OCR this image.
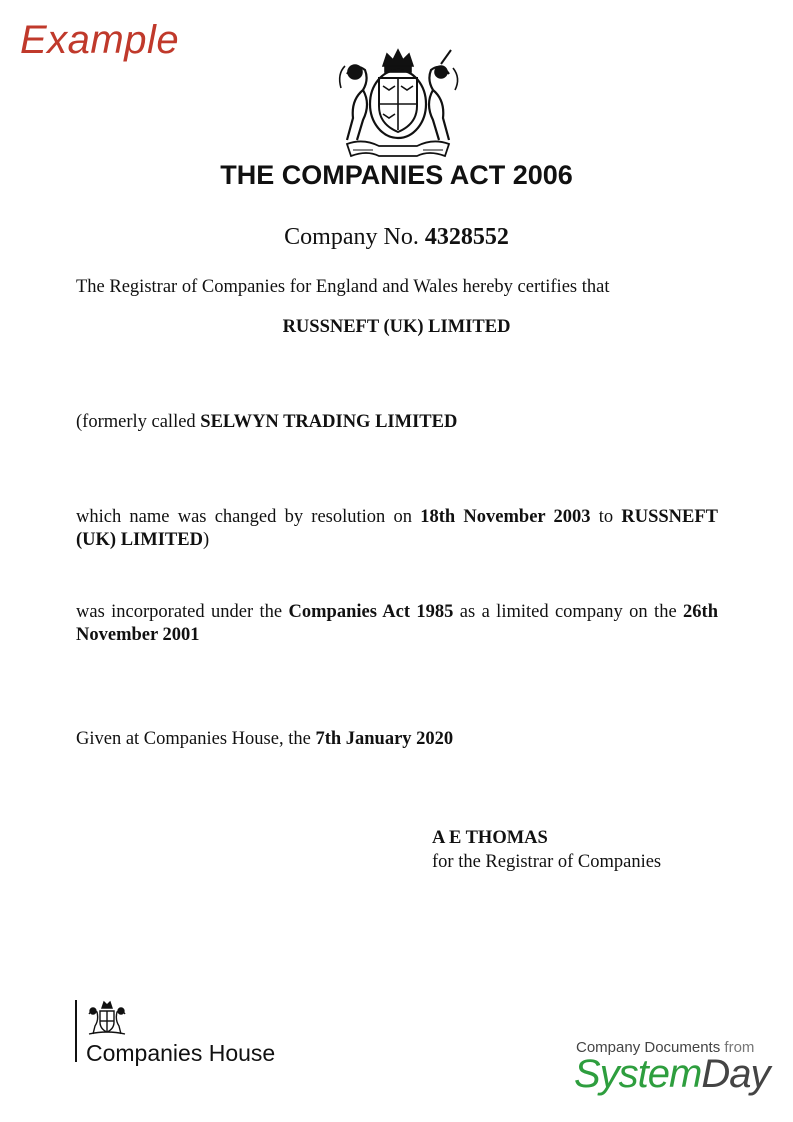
Example
THE COMPANIES ACT 2006
Company No. 4328552
The Registrar of Companies for England and Wales hereby certifies that
RUSSNEFT (UK) LIMITED
(formerly called SELWYN TRADING LIMITED
which name was changed by resolution on 18th November 2003 to RUSSNEFT (UK) LIMITED)
was incorporated under the Companies Act 1985 as a limited company on the 26th November 2001
Given at Companies House, the 7th January 2020
A E THOMAS
for the Registrar of Companies
Companies House	Company Documents from
SystemDay
